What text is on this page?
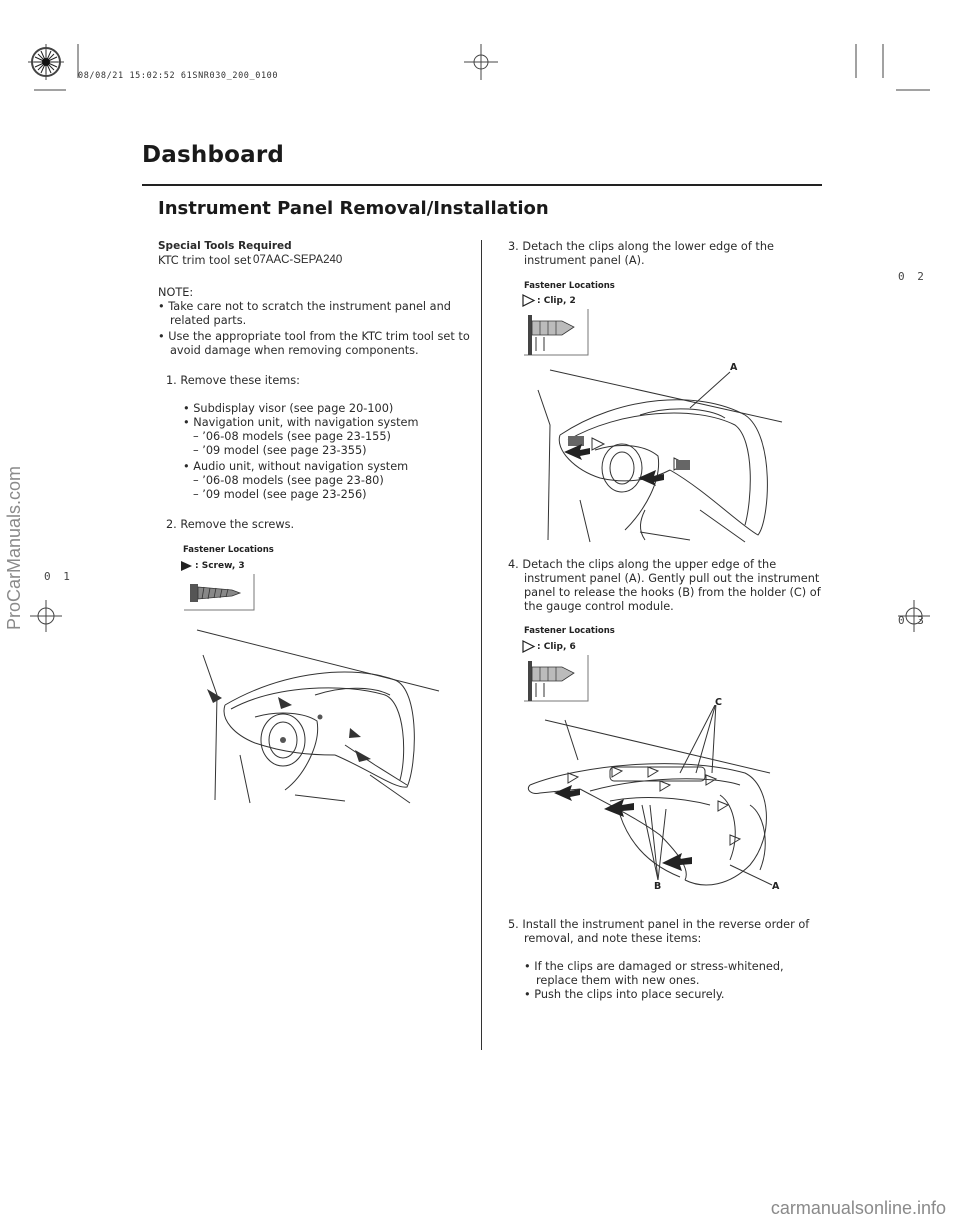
08/08/21 15:02:52 61SNR030_200_0100
Dashboard
Instrument Panel Removal/Installation
0 2
0 3
0 1
Special Tools Required
KTC trim tool set 07AAC-SEPA240
NOTE:
• Take care not to scratch the instrument panel and
related parts.
• Use the appropriate tool from the KTC trim tool set to
avoid damage when removing components.
1. Remove these items:
• Subdisplay visor (see page 20-100)
• Navigation unit, with navigation system
– ’06-08 models (see page 23-155)
– ’09 model (see page 23-355)
• Audio unit, without navigation system
– ’06-08 models (see page 23-80)
– ’09 model (see page 23-256)
2. Remove the screws.
Fastener Locations
: Screw, 3
3. Detach the clips along the lower edge of the
instrument panel (A).
Fastener Locations
: Clip, 2
A
4. Detach the clips along the upper edge of the
instrument panel (A). Gently pull out the instrument
panel to release the hooks (B) from the holder (C) of
the gauge control module.
Fastener Locations
: Clip, 6
C
B	A
5. Install the instrument panel in the reverse order of
removal, and note these items:
• If the clips are damaged or stress-whitened,
replace them with new ones.
• Push the clips into place securely.
ProCarManuals.com
carmanualsonline.info
